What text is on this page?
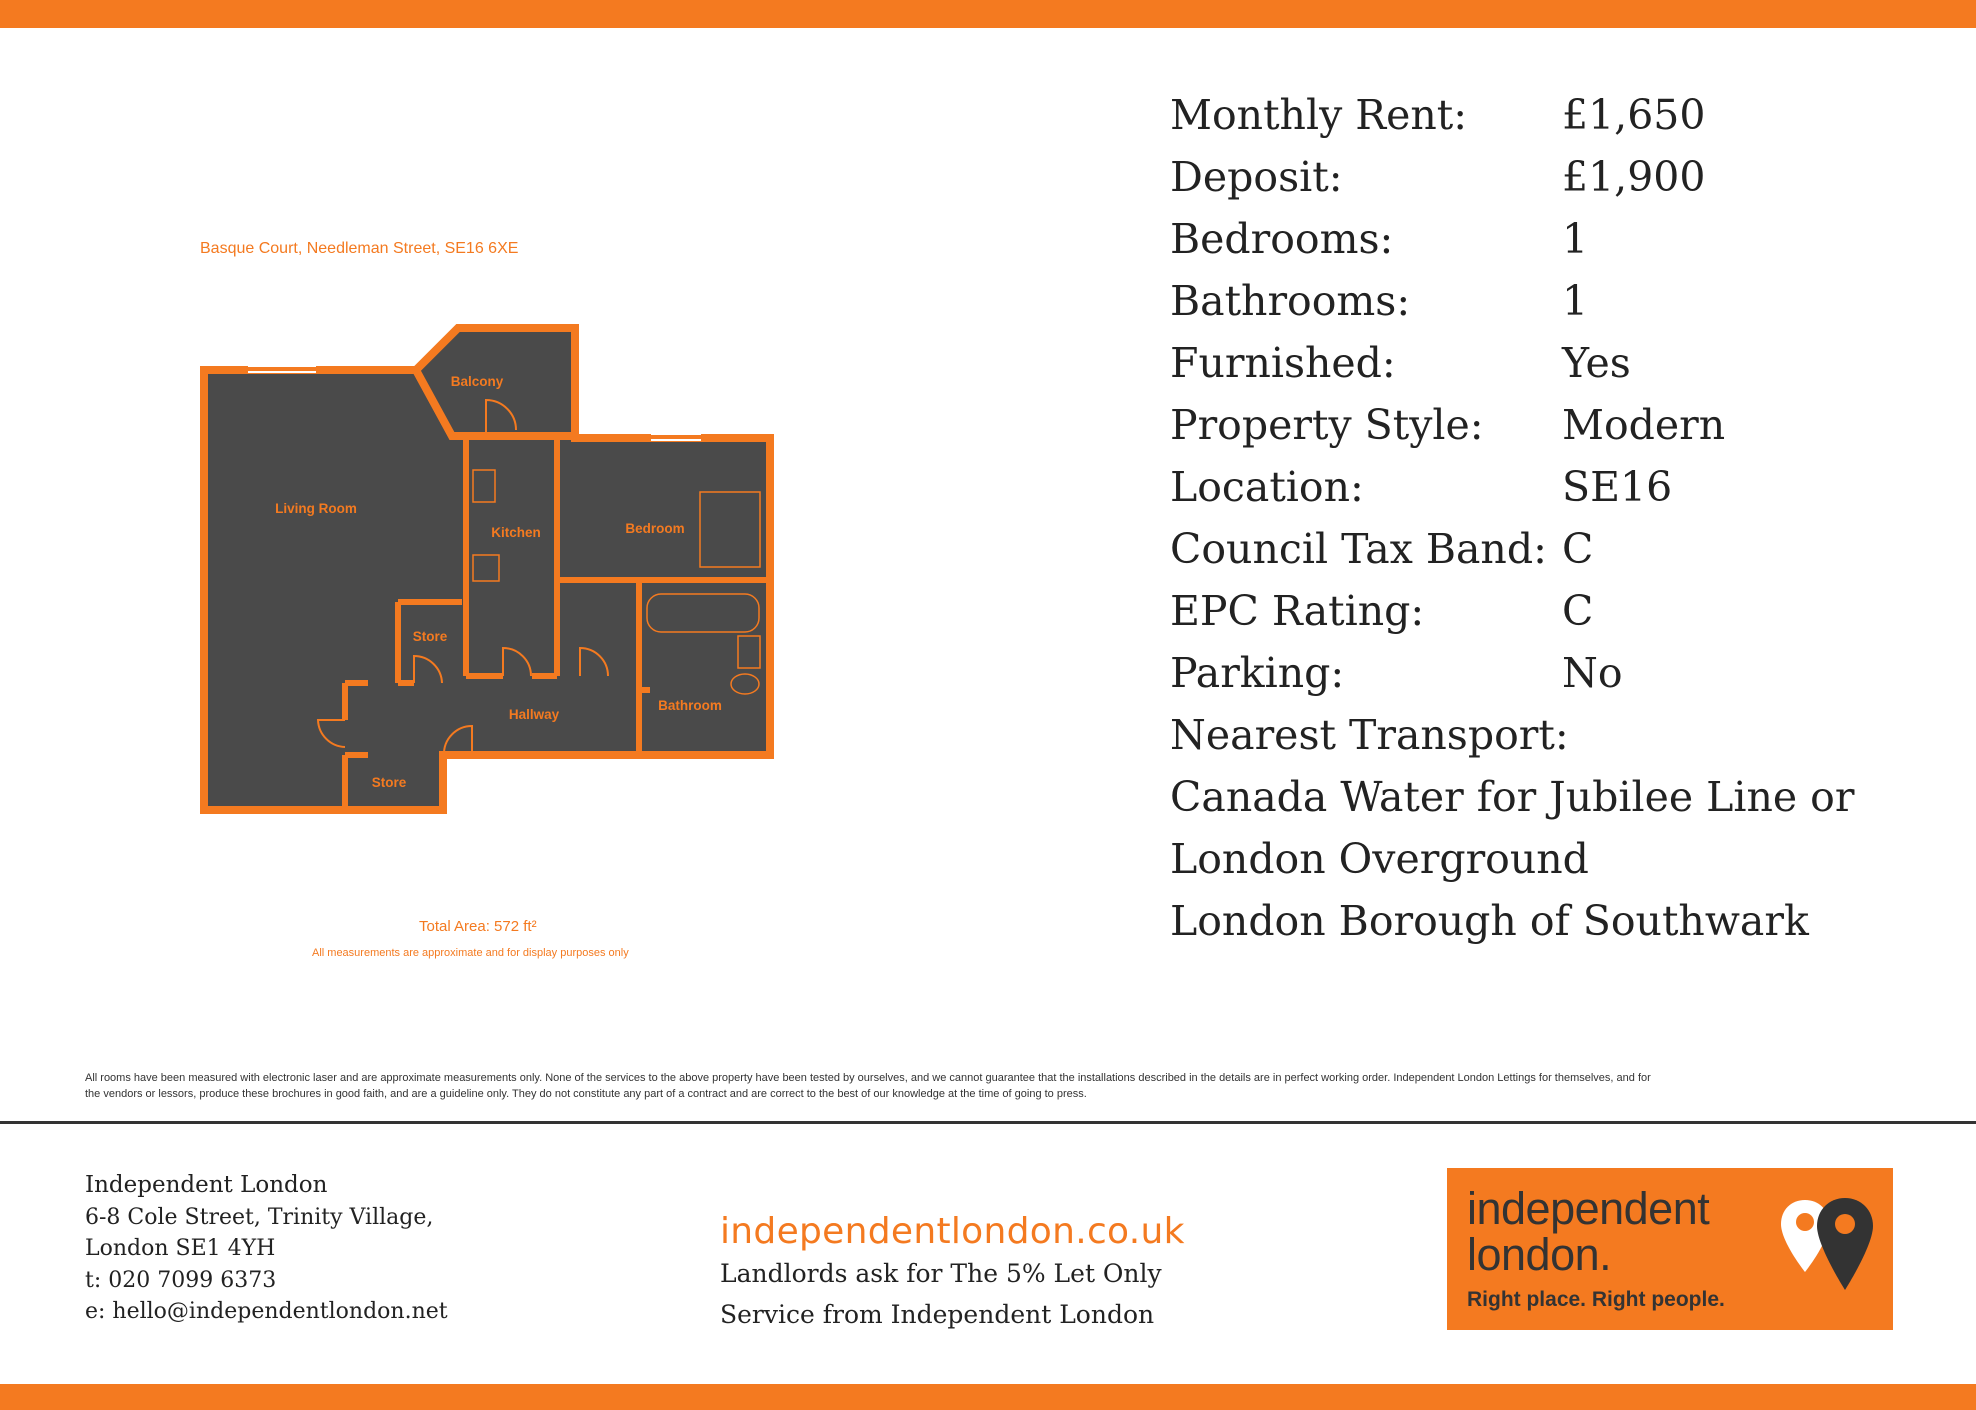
Basque Court, Needleman Street, SE16 6XE
Balcony
Living Room
Kitchen	Bedroom
Store
Hallway
Bathroom
Store
Total Area: 572 ft²
All measurements are approximate and for display purposes only
Monthly Rent:	£1,650
Deposit:	£1,900
Bedrooms:	1
Bathrooms:	1
Furnished:	Yes
Property Style:	Modern
Location:	SE16
Council Tax Band: C
EPC Rating:	C
Parking:	No
Nearest Transport:
Canada Water for Jubilee Line or
London Overground
London Borough of Southwark
All rooms have been measured with electronic laser and are approximate measurements only. None of the services to the above property have been tested by ourselves, and we cannot guarantee that the installations described in the details are in perfect working order. Independent London Lettings for themselves, and for
the vendors or lessors, produce these brochures in good faith, and are a guideline only. They do not constitute any part of a contract and are correct to the best of our knowledge at the time of going to press.
Independent London
6-8 Cole Street, Trinity Village,
London SE1 4YH
t: 020 7099 6373
e: hello@independentlondon.net
independentlondon.co.uk
Landlords ask for The 5% Let Only
Service from Independent London
independent
london.
Right place. Right people.
